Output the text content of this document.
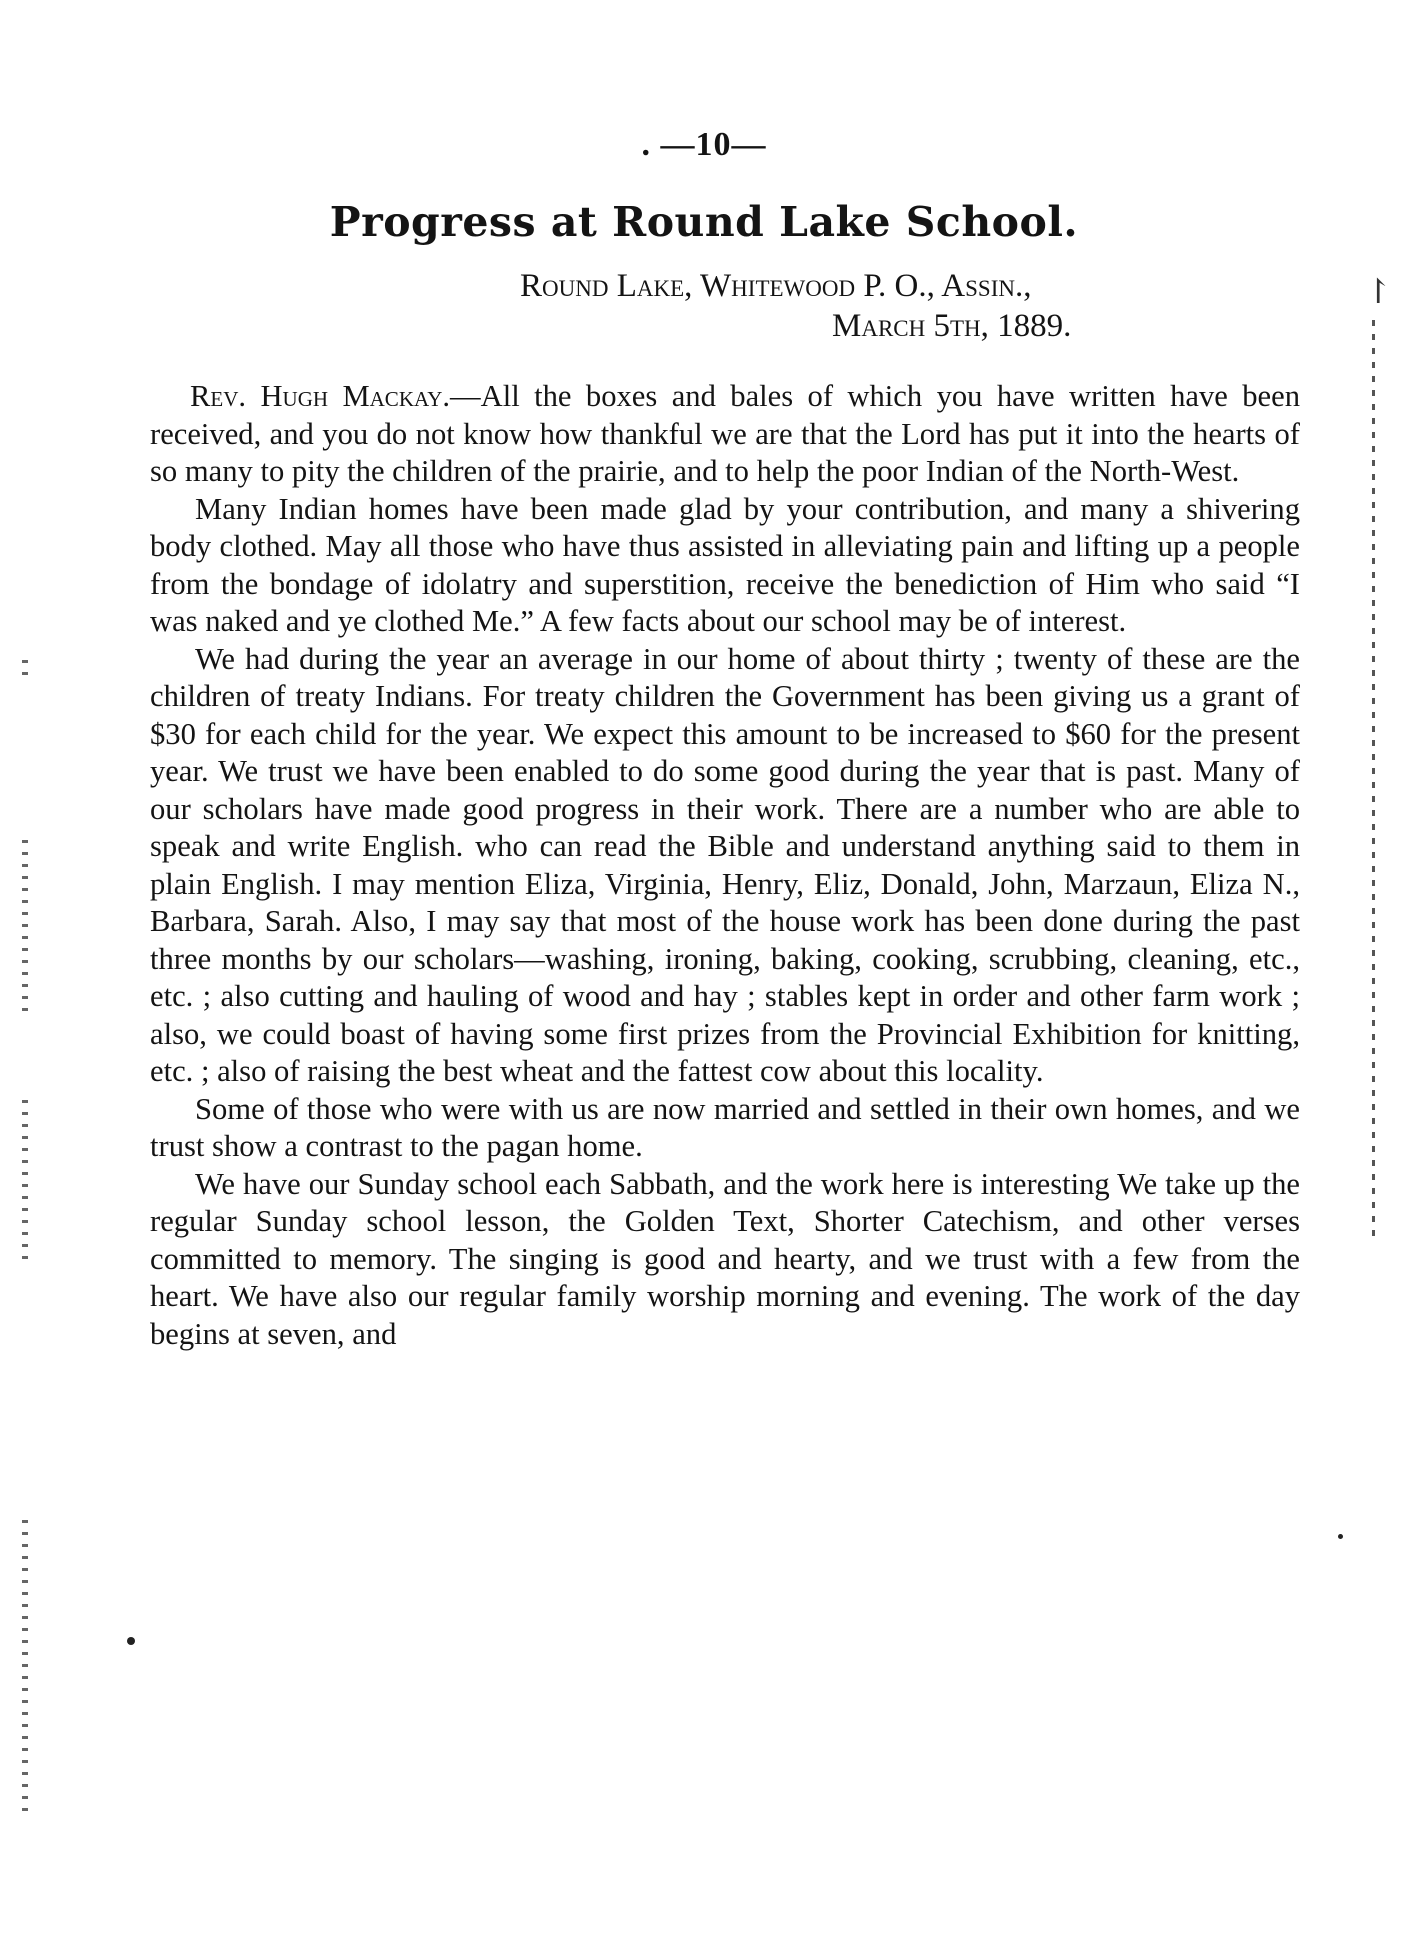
. —10—
Progress at Round Lake School.
Round Lake, Whitewood P. O., Assin.,
March 5th, 1889.

Rev. Hugh Mackay.—All the boxes and bales of which you have written have been received, and you do not know how thankful we are that the Lord has put it into the hearts of so many to pity the children of the prairie, and to help the poor Indian of the North-West.

Many Indian homes have been made glad by your contribution, and many a shivering body clothed. May all those who have thus assisted in alleviating pain and lifting up a people from the bondage of idolatry and superstition, receive the benediction of Him who said “I was naked and ye clothed Me.” A few facts about our school may be of interest.

We had during the year an average in our home of about thirty ; twenty of these are the children of treaty Indians. For treaty children the Government has been giving us a grant of $30 for each child for the year. We expect this amount to be increased to $60 for the present year. We trust we have been enabled to do some good during the year that is past. Many of our scholars have made good progress in their work. There are a number who are able to speak and write English. who can read the Bible and understand anything said to them in plain English. I may mention Eliza, Virginia, Henry, Eliz, Donald, John, Marzaun, Eliza N., Barbara, Sarah. Also, I may say that most of the house work has been done during the past three months by our scholars—washing, ironing, baking, cooking, scrubbing, cleaning, etc., etc. ; also cutting and hauling of wood and hay ; stables kept in order and other farm work ; also, we could boast of having some first prizes from the Provincial Exhibition for knitting, etc. ; also of raising the best wheat and the fattest cow about this locality.

Some of those who were with us are now married and settled in their own homes, and we trust show a contrast to the pagan home.

We have our Sunday school each Sabbath, and the work here is interesting We take up the regular Sunday school lesson, the Golden Text, Shorter Catechism, and other verses committed to memory. The singing is good and hearty, and we trust with a few from the heart. We have also our regular family worship morning and evening. The work of the day begins at seven, and

↾
